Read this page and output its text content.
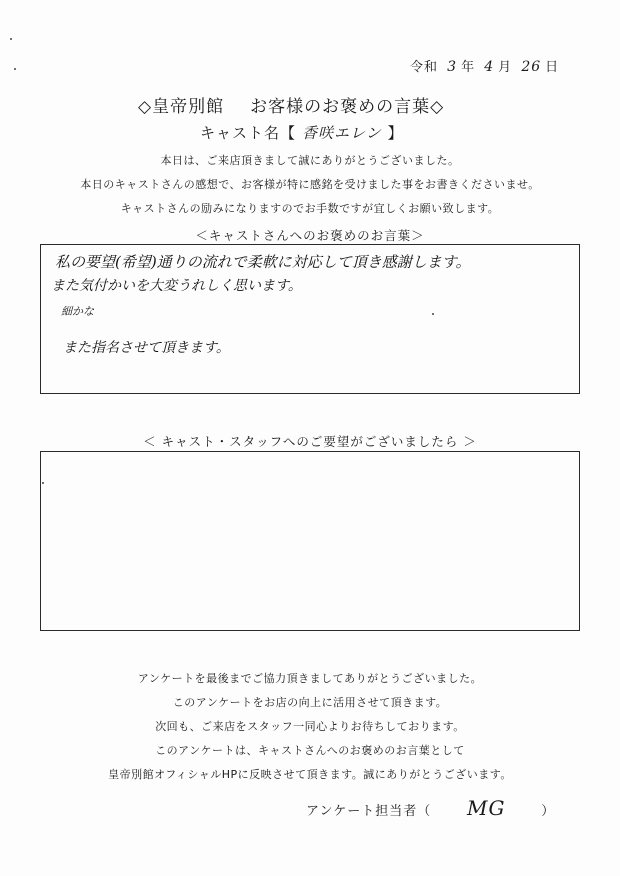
令和 3 年 4 月 26 日
◇皇帝別館 お客様のお褒めの言葉◇
キャスト名【 香咲エレン 】
本日は、ご来店頂きまして誠にありがとうございました。
本日のキャストさんの感想で、お客様が特に感銘を受けました事をお書きくださいませ。
キャストさんの励みになりますのでお手数ですが宜しくお願い致します。
＜キャストさんへのお褒めのお言葉＞
私の要望(希望)通りの流れで柔軟に対応して頂き感謝します。
また気付かいを大変うれしく思います。
細かな
また指名させて頂きます。
＜ キャスト・スタッフへのご要望がございましたら ＞
アンケートを最後までご協力頂きましてありがとうございました。
このアンケートをお店の向上に活用させて頂きます。
次回も、ご来店をスタッフ一同心よりお待ちしております。
このアンケートは、キャストさんへのお褒めのお言葉として
皇帝別館オフィシャルHPに反映させて頂きます。誠にありがとうございます。
アンケート担当者（ MG	）
